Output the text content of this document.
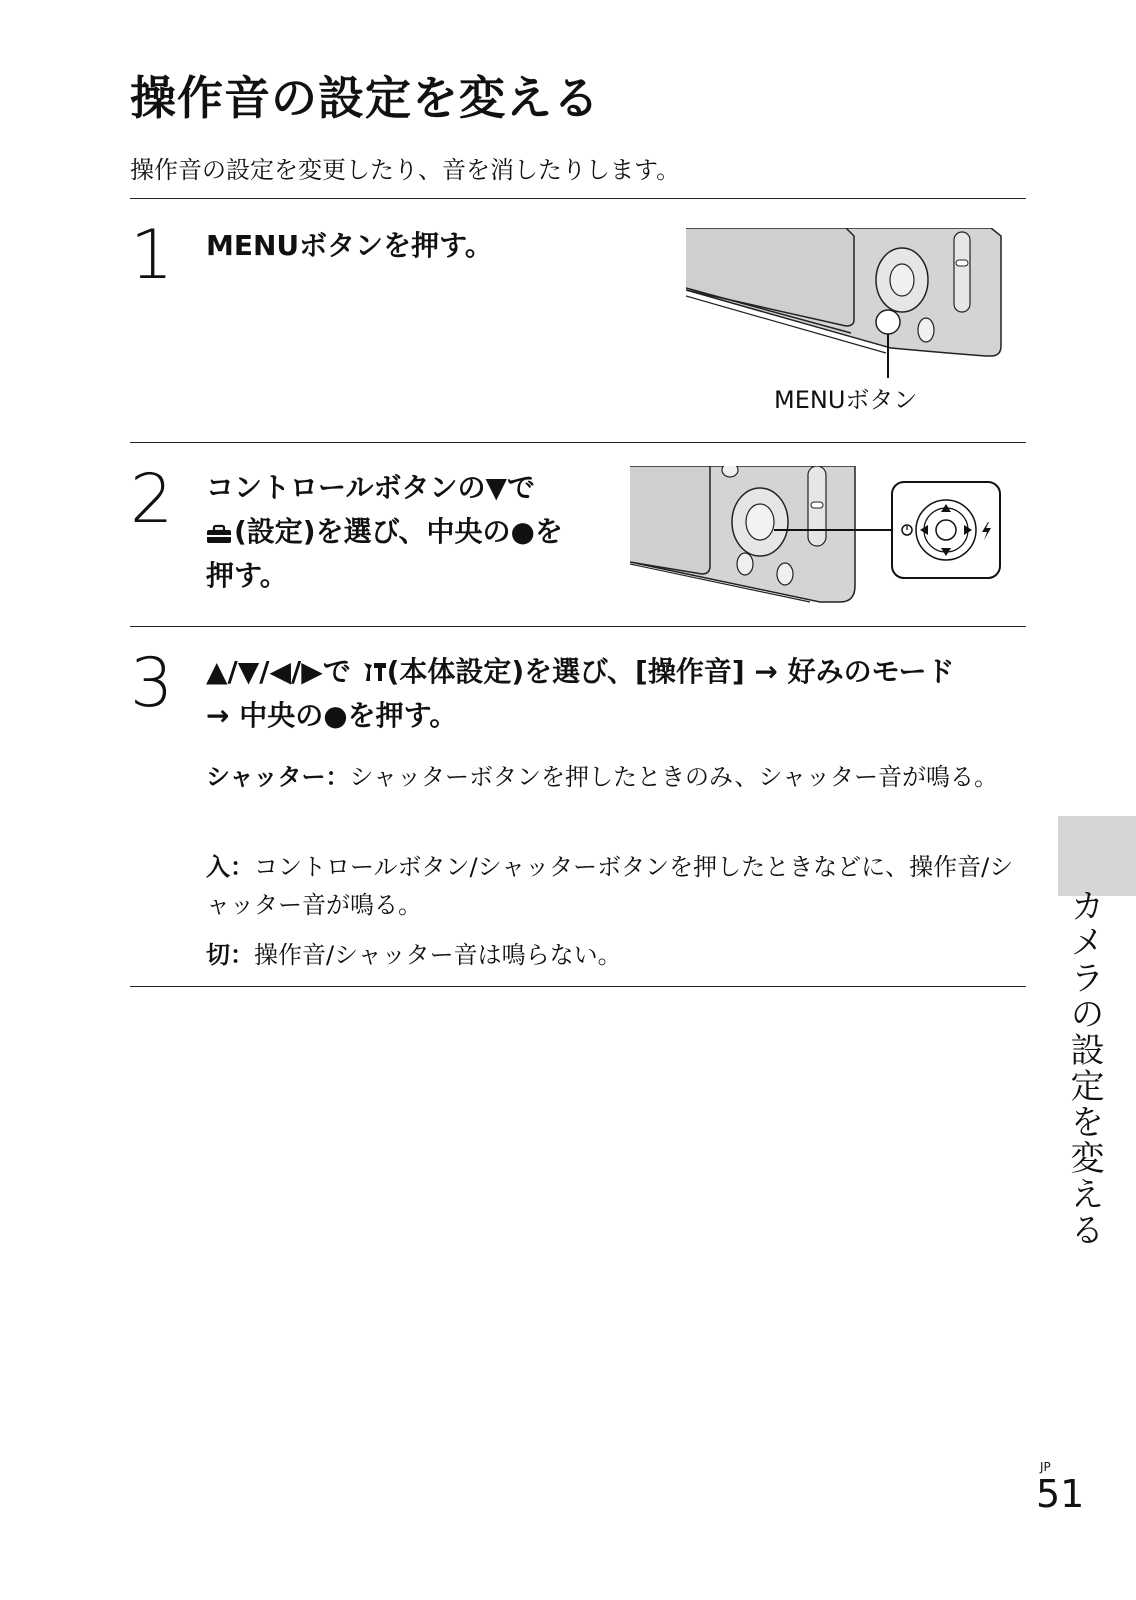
操作音の設定を変える
操作音の設定を変更したり、音を消したりします。
1 MENUボタンを押す。
MENUボタン
2 コントロールボタンの▼で
(設定)を選び、中央の●を
押す。
3 ▲/▼/◀/▶で (本体設定)を選び、[操作音] → 好みのモード
→ 中央の●を押す。
シャッター：シャッターボタンを押したときのみ、シャッター音が鳴る。
入：コントロールボタン/シャッターボタンを押したときなどに、操作音/シャッター音が鳴る。
切：操作音/シャッター音は鳴らない。	カメラの設定を変える
JP
51
